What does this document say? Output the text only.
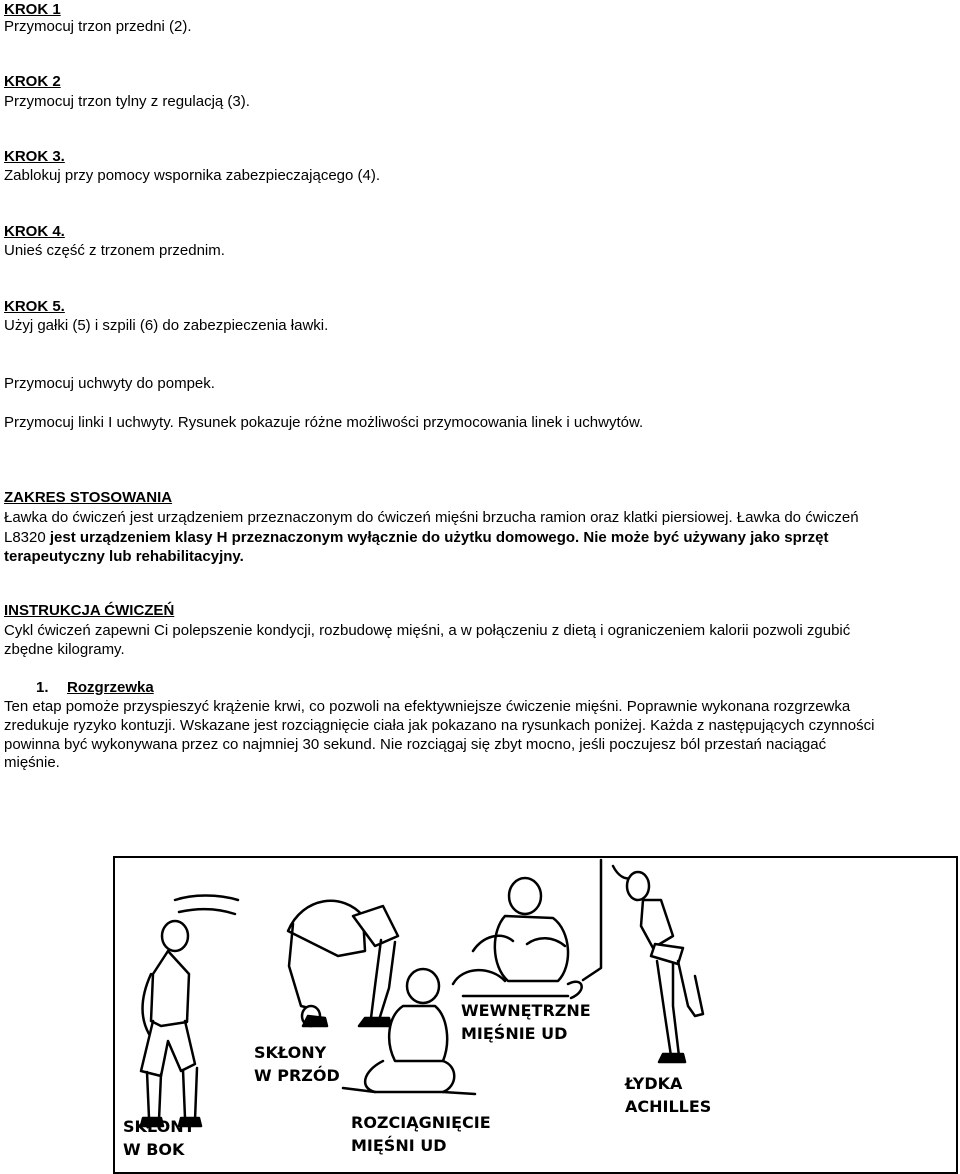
KROK 1
Przymocuj trzon przedni (2).
KROK 2
Przymocuj trzon tylny z regulacją (3).
KROK 3.
Zablokuj przy pomocy wspornika zabezpieczającego (4).
KROK 4.
Unieś część z trzonem przednim.
KROK 5.
Użyj gałki (5) i szpili (6) do zabezpieczenia ławki.
Przymocuj uchwyty do pompek.
Przymocuj linki I uchwyty. Rysunek pokazuje różne możliwości przymocowania linek i uchwytów.
ZAKRES STOSOWANIA
Ławka do ćwiczeń jest urządzeniem przeznaczonym do ćwiczeń mięśni brzucha ramion oraz klatki piersiowej. Ławka do ćwiczeń
L8320 jest urządzeniem klasy H przeznaczonym wyłącznie do użytku domowego. Nie może być używany jako sprzęt
terapeutyczny lub rehabilitacyjny.
INSTRUKCJA ĆWICZEŃ
Cykl ćwiczeń zapewni Ci polepszenie kondycji, rozbudowę mięśni, a w połączeniu z dietą i ograniczeniem kalorii pozwoli zgubić
zbędne kilogramy.
1. Rozgrzewka
Ten etap pomoże przyspieszyć krążenie krwi, co pozwoli na efektywniejsze ćwiczenie mięśni. Poprawnie wykonana rozgrzewka
zredukuje ryzyko kontuzji. Wskazane jest rozciągnięcie ciała jak pokazano na rysunkach poniżej. Każda z następujących czynności
powinna być wykonywana przez co najmniej 30 sekund. Nie rozciągaj się zbyt mocno, jeśli poczujesz ból przestań naciągać
mięśnie.
SKŁONY
W BOK
SKŁONY
W PRZÓD
ROZCIĄGNIĘCIE
MIĘŚNI UD
WEWNĘTRZNE
MIĘŚNIE UD
ŁYDKA
ACHILLES
